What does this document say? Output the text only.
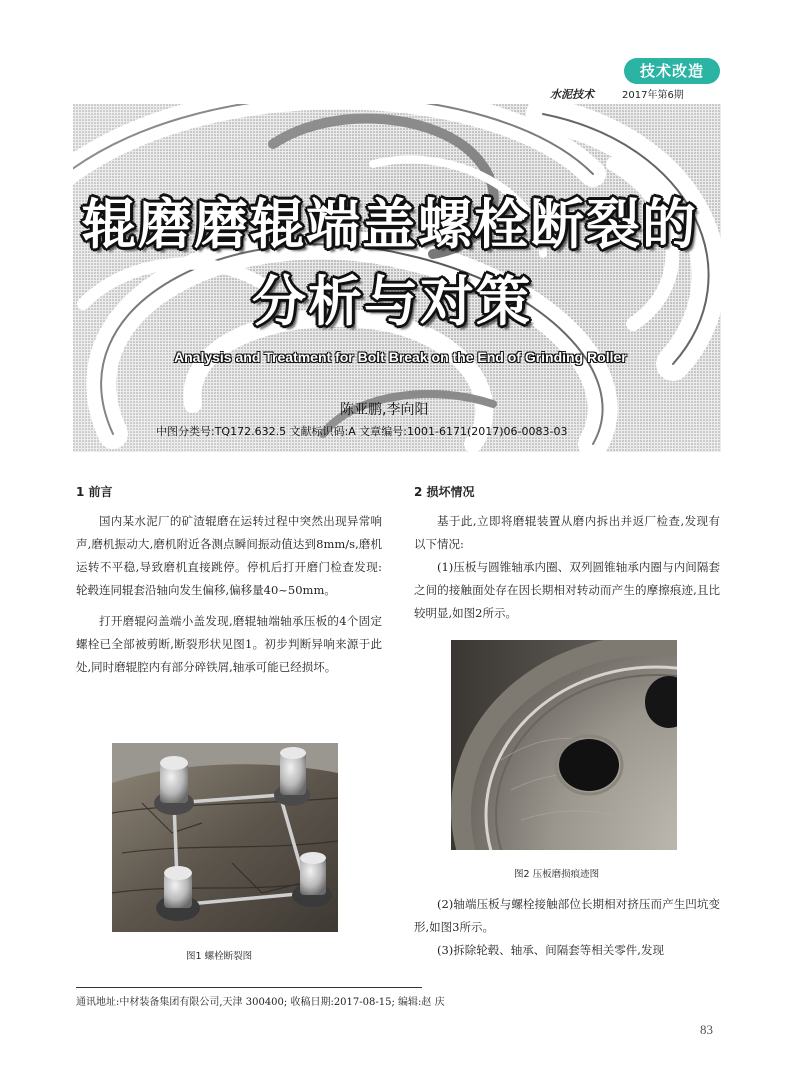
技术改造
水泥技术	2017年第6期
辊磨磨辊端盖螺栓断裂的
分析与对策
Analysis and Treatment for Bolt Break on the End of Grinding Roller
陈亚鹏,李向阳
中图分类号:TQ172.632.5 文献标识码:A 文章编号:1001-6171(2017)06-0083-03
1 前言

国内某水泥厂的矿渣辊磨在运转过程中突然出现异常响声,磨机振动大,磨机附近各测点瞬间振动值达到8mm/s,磨机运转不平稳,导致磨机直接跳停。停机后打开磨门检查发现:轮毂连同辊套沿轴向发生偏移,偏移量40~50mm。

打开磨辊闷盖端小盖发现,磨辊轴端轴承压板的4个固定螺栓已全部被剪断,断裂形状见图1。初步判断异响来源于此处,同时磨辊腔内有部分碎铁屑,轴承可能已经损坏。

图1 螺栓断裂图
2 损坏情况

基于此,立即将磨辊装置从磨内拆出并返厂检查,发现有以下情况:

(1)压板与圆锥轴承内圈、双列圆锥轴承内圈与内间隔套之间的接触面处存在因长期相对转动而产生的摩擦痕迹,且比较明显,如图2所示。

图2 压板磨损痕迹图

(2)轴端压板与螺栓接触部位长期相对挤压而产生凹坑变形,如图3所示。

(3)拆除轮毂、轴承、间隔套等相关零件,发现

通讯地址:中材装备集团有限公司,天津 300400; 收稿日期:2017-08-15; 编辑:赵 庆
83
